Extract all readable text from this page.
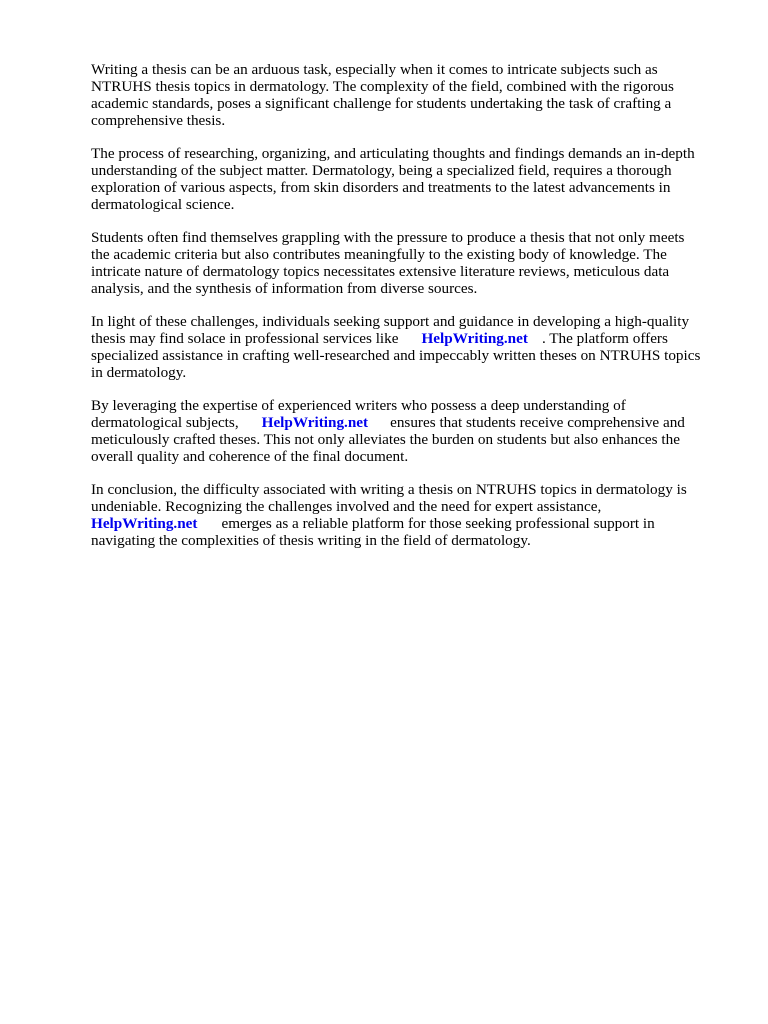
Writing a thesis can be an arduous task, especially when it comes to intricate subjects such as
NTRUHS thesis topics in dermatology. The complexity of the field, combined with the rigorous
academic standards, poses a significant challenge for students undertaking the task of crafting a
comprehensive thesis.

The process of researching, organizing, and articulating thoughts and findings demands an in-depth
understanding of the subject matter. Dermatology, being a specialized field, requires a thorough
exploration of various aspects, from skin disorders and treatments to the latest advancements in
dermatological science.

Students often find themselves grappling with the pressure to produce a thesis that not only meets
the academic criteria but also contributes meaningfully to the existing body of knowledge. The
intricate nature of dermatology topics necessitates extensive literature reviews, meticulous data
analysis, and the synthesis of information from diverse sources.

In light of these challenges, individuals seeking support and guidance in developing a high-quality
thesis may find solace in professional services like HelpWriting.net . The platform offers
specialized assistance in crafting well-researched and impeccably written theses on NTRUHS topics
in dermatology.

By leveraging the expertise of experienced writers who possess a deep understanding of
dermatological subjects, HelpWriting.net ensures that students receive comprehensive and
meticulously crafted theses. This not only alleviates the burden on students but also enhances the
overall quality and coherence of the final document.

In conclusion, the difficulty associated with writing a thesis on NTRUHS topics in dermatology is
undeniable. Recognizing the challenges involved and the need for expert assistance,
HelpWriting.net emerges as a reliable platform for those seeking professional support in
navigating the complexities of thesis writing in the field of dermatology.
